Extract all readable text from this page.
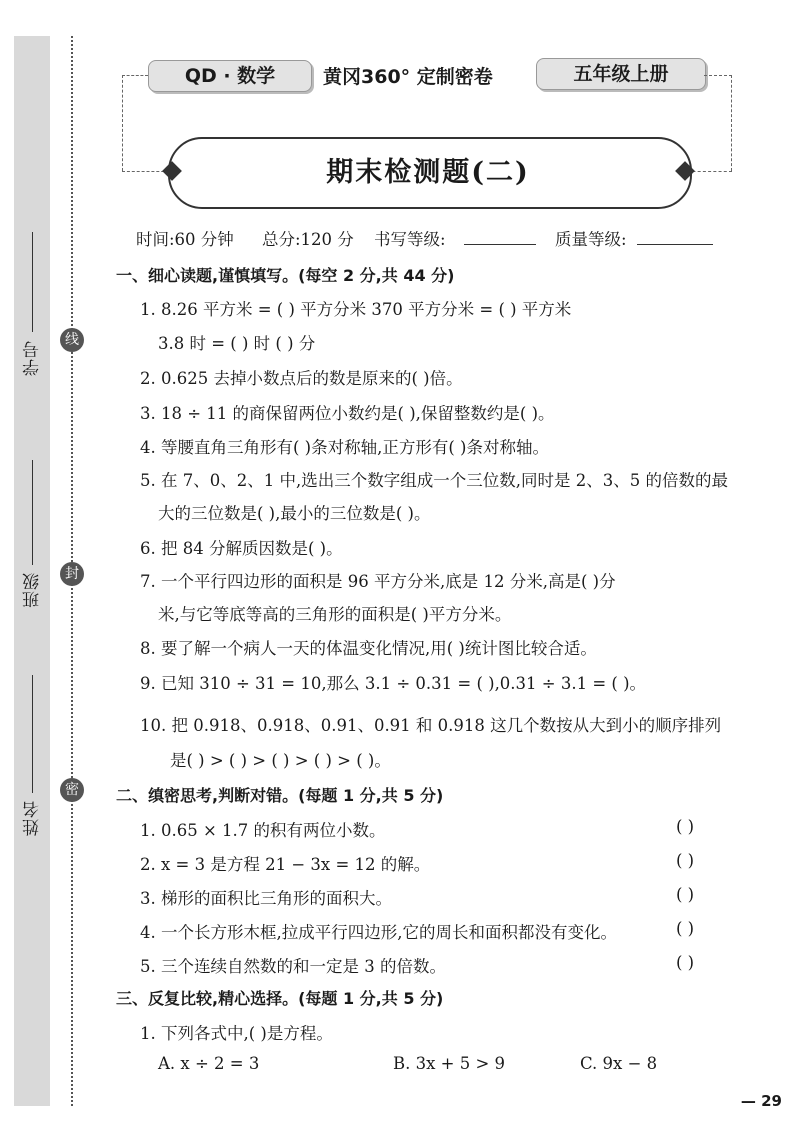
学号
班级
姓名
线
封
密
QD · 数学	黄冈360° 定制密卷	五年级上册
期末检测题(二)
时间:60 分钟 总分:120 分 书写等级:	质量等级:
一、细心读题,谨慎填写。(每空 2 分,共 44 分)
1. 8.26 平方米 = ( ) 平方分米 370 平方分米 = ( ) 平方米
3.8 时 = ( ) 时 ( ) 分
2. 0.625 去掉小数点后的数是原来的( )倍。
3. 18 ÷ 11 的商保留两位小数约是( ),保留整数约是( )。
4. 等腰直角三角形有( )条对称轴,正方形有( )条对称轴。
5. 在 7、0、2、1 中,选出三个数字组成一个三位数,同时是 2、3、5 的倍数的最
大的三位数是( ),最小的三位数是( )。
6. 把 84 分解质因数是( )。
7. 一个平行四边形的面积是 96 平方分米,底是 12 分米,高是( )分
米,与它等底等高的三角形的面积是( )平方分米。
8. 要了解一个病人一天的体温变化情况,用( )统计图比较合适。
9. 已知 310 ÷ 31 = 10,那么 3.1 ÷ 0.31 = ( ),0.31 ÷ 3.1 = ( )。
10. 把 0.918、0.918、0.91、0.91 和 0.918 这几个数按从大到小的顺序排列
是( ) > ( ) > ( ) > ( ) > ( )。
二、缜密思考,判断对错。(每题 1 分,共 5 分)
1. 0.65 × 1.7 的积有两位小数。	( )
2. x = 3 是方程 21 − 3x = 12 的解。	( )
3. 梯形的面积比三角形的面积大。	( )
4. 一个长方形木框,拉成平行四边形,它的周长和面积都没有变化。	( )
5. 三个连续自然数的和一定是 3 的倍数。	( )
三、反复比较,精心选择。(每题 1 分,共 5 分)
1. 下列各式中,( )是方程。
A. x ÷ 2 = 3	B. 3x + 5 > 9	C. 9x − 8
— 29
